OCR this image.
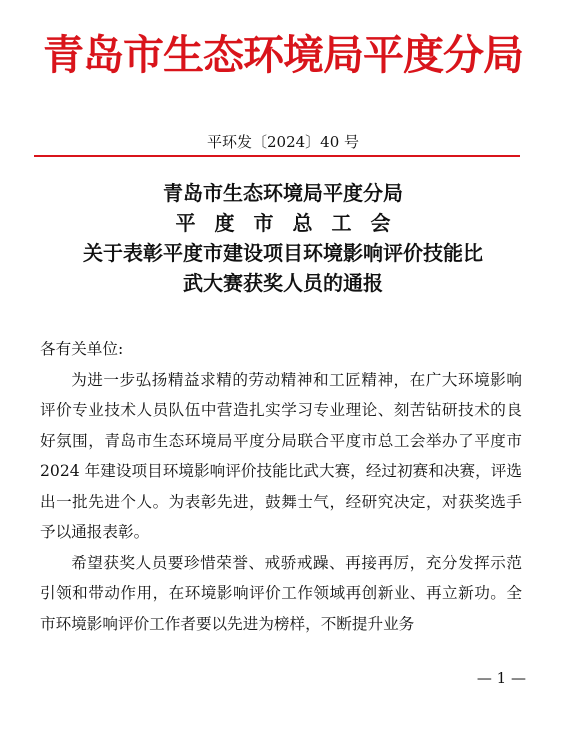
青岛市生态环境局平度分局
平环发〔2024〕40 号
青岛市生态环境局平度分局
平度市总工会
关于表彰平度市建设项目环境影响评价技能比
武大赛获奖人员的通报

各有关单位:

为进一步弘扬精益求精的劳动精神和工匠精神，在广大环境影响评价专业技术人员队伍中营造扎实学习专业理论、刻苦钻研技术的良好氛围，青岛市生态环境局平度分局联合平度市总工会举办了平度市 2024 年建设项目环境影响评价技能比武大赛，经过初赛和决赛，评选出一批先进个人。为表彰先进，鼓舞士气，经研究决定，对获奖选手予以通报表彰。

希望获奖人员要珍惜荣誉、戒骄戒躁、再接再厉，充分发挥示范引领和带动作用，在环境影响评价工作领域再创新业、再立新功。全市环境影响评价工作者要以先进为榜样，不断提升业务

— 1 —
